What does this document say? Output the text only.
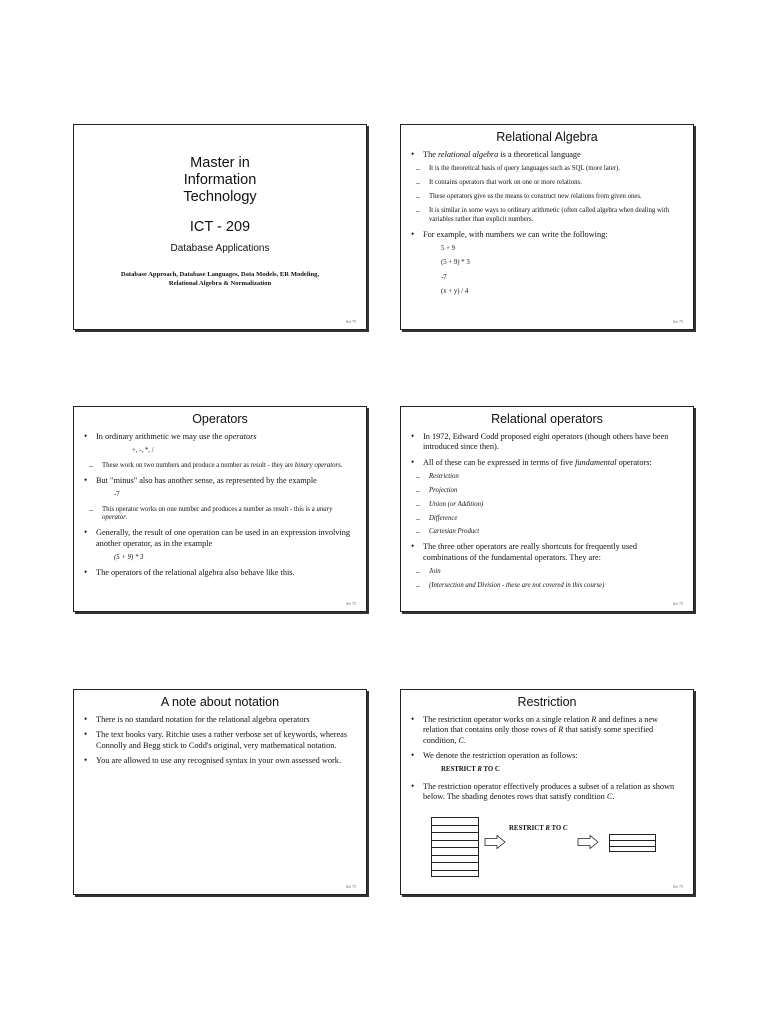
Master in
Information
Technology
ICT - 209
Database Applications
Database Approach, Database Languages, Data Models, ER Modeling,
Relational Algebra & Normalization
Set 75
Relational Algebra
• The relational algebra is a theoretical language
– It is the theoretical basis of query languages such as SQL (more later).
– It contains operators that work on one or more relations.
– These operators give us the means to construct new relations from given ones.
– It is similar in some ways to ordinary arithmetic (often called algebra when dealing with variables rather than explicit numbers.
• For example, with numbers we can write the following:
5 + 9
(5 + 9) * 3
-7
(x + y) / 4
Set 75
Operators
• In ordinary arithmetic we may use the operators
+, -, *, /
– These work on two numbers and produce a number as result - they are binary operators.
• But "minus" also has another sense, as represented by the example
-7
– This operator works on one number and produces a number as result - this is a unary operator.
• Generally, the result of one operation can be used in an expression involving another operator, as in the example
(5 + 9) * 3
• The operators of the relational algebra also behave like this.
Set 75
Relational operators
• In 1972, Edward Codd proposed eight operators (though others have been introduced since then).
• All of these can be expressed in terms of five fundamental operators:
– Restriction
– Projection
– Union (or Addition)
– Difference
– Cartesian Product
• The three other operators are really shortcuts for frequently used combinations of the fundamental operators. They are:
– Join
– (Intersection and Division - these are not covered in this course)
Set 75
A note about notation
• There is no standard notation for the relational algebra operators
• The text books vary. Ritchie uses a rather verbose set of keywords, whereas Connolly and Begg stick to Codd's original, very mathematical notation.
• You are allowed to use any recognised syntax in your own assessed work.
Set 75
Restriction
• The restriction operator works on a single relation R and defines a new relation that contains only those rows of R that satisfy some specified condition, C.
• We denote the restriction operation as follows:
RESTRICT R TO C
• The restriction operator effectively produces a subset of a relation as shown below. The shading denotes rows that satisfy condition C.
RESTRICT R TO C
Set 75
